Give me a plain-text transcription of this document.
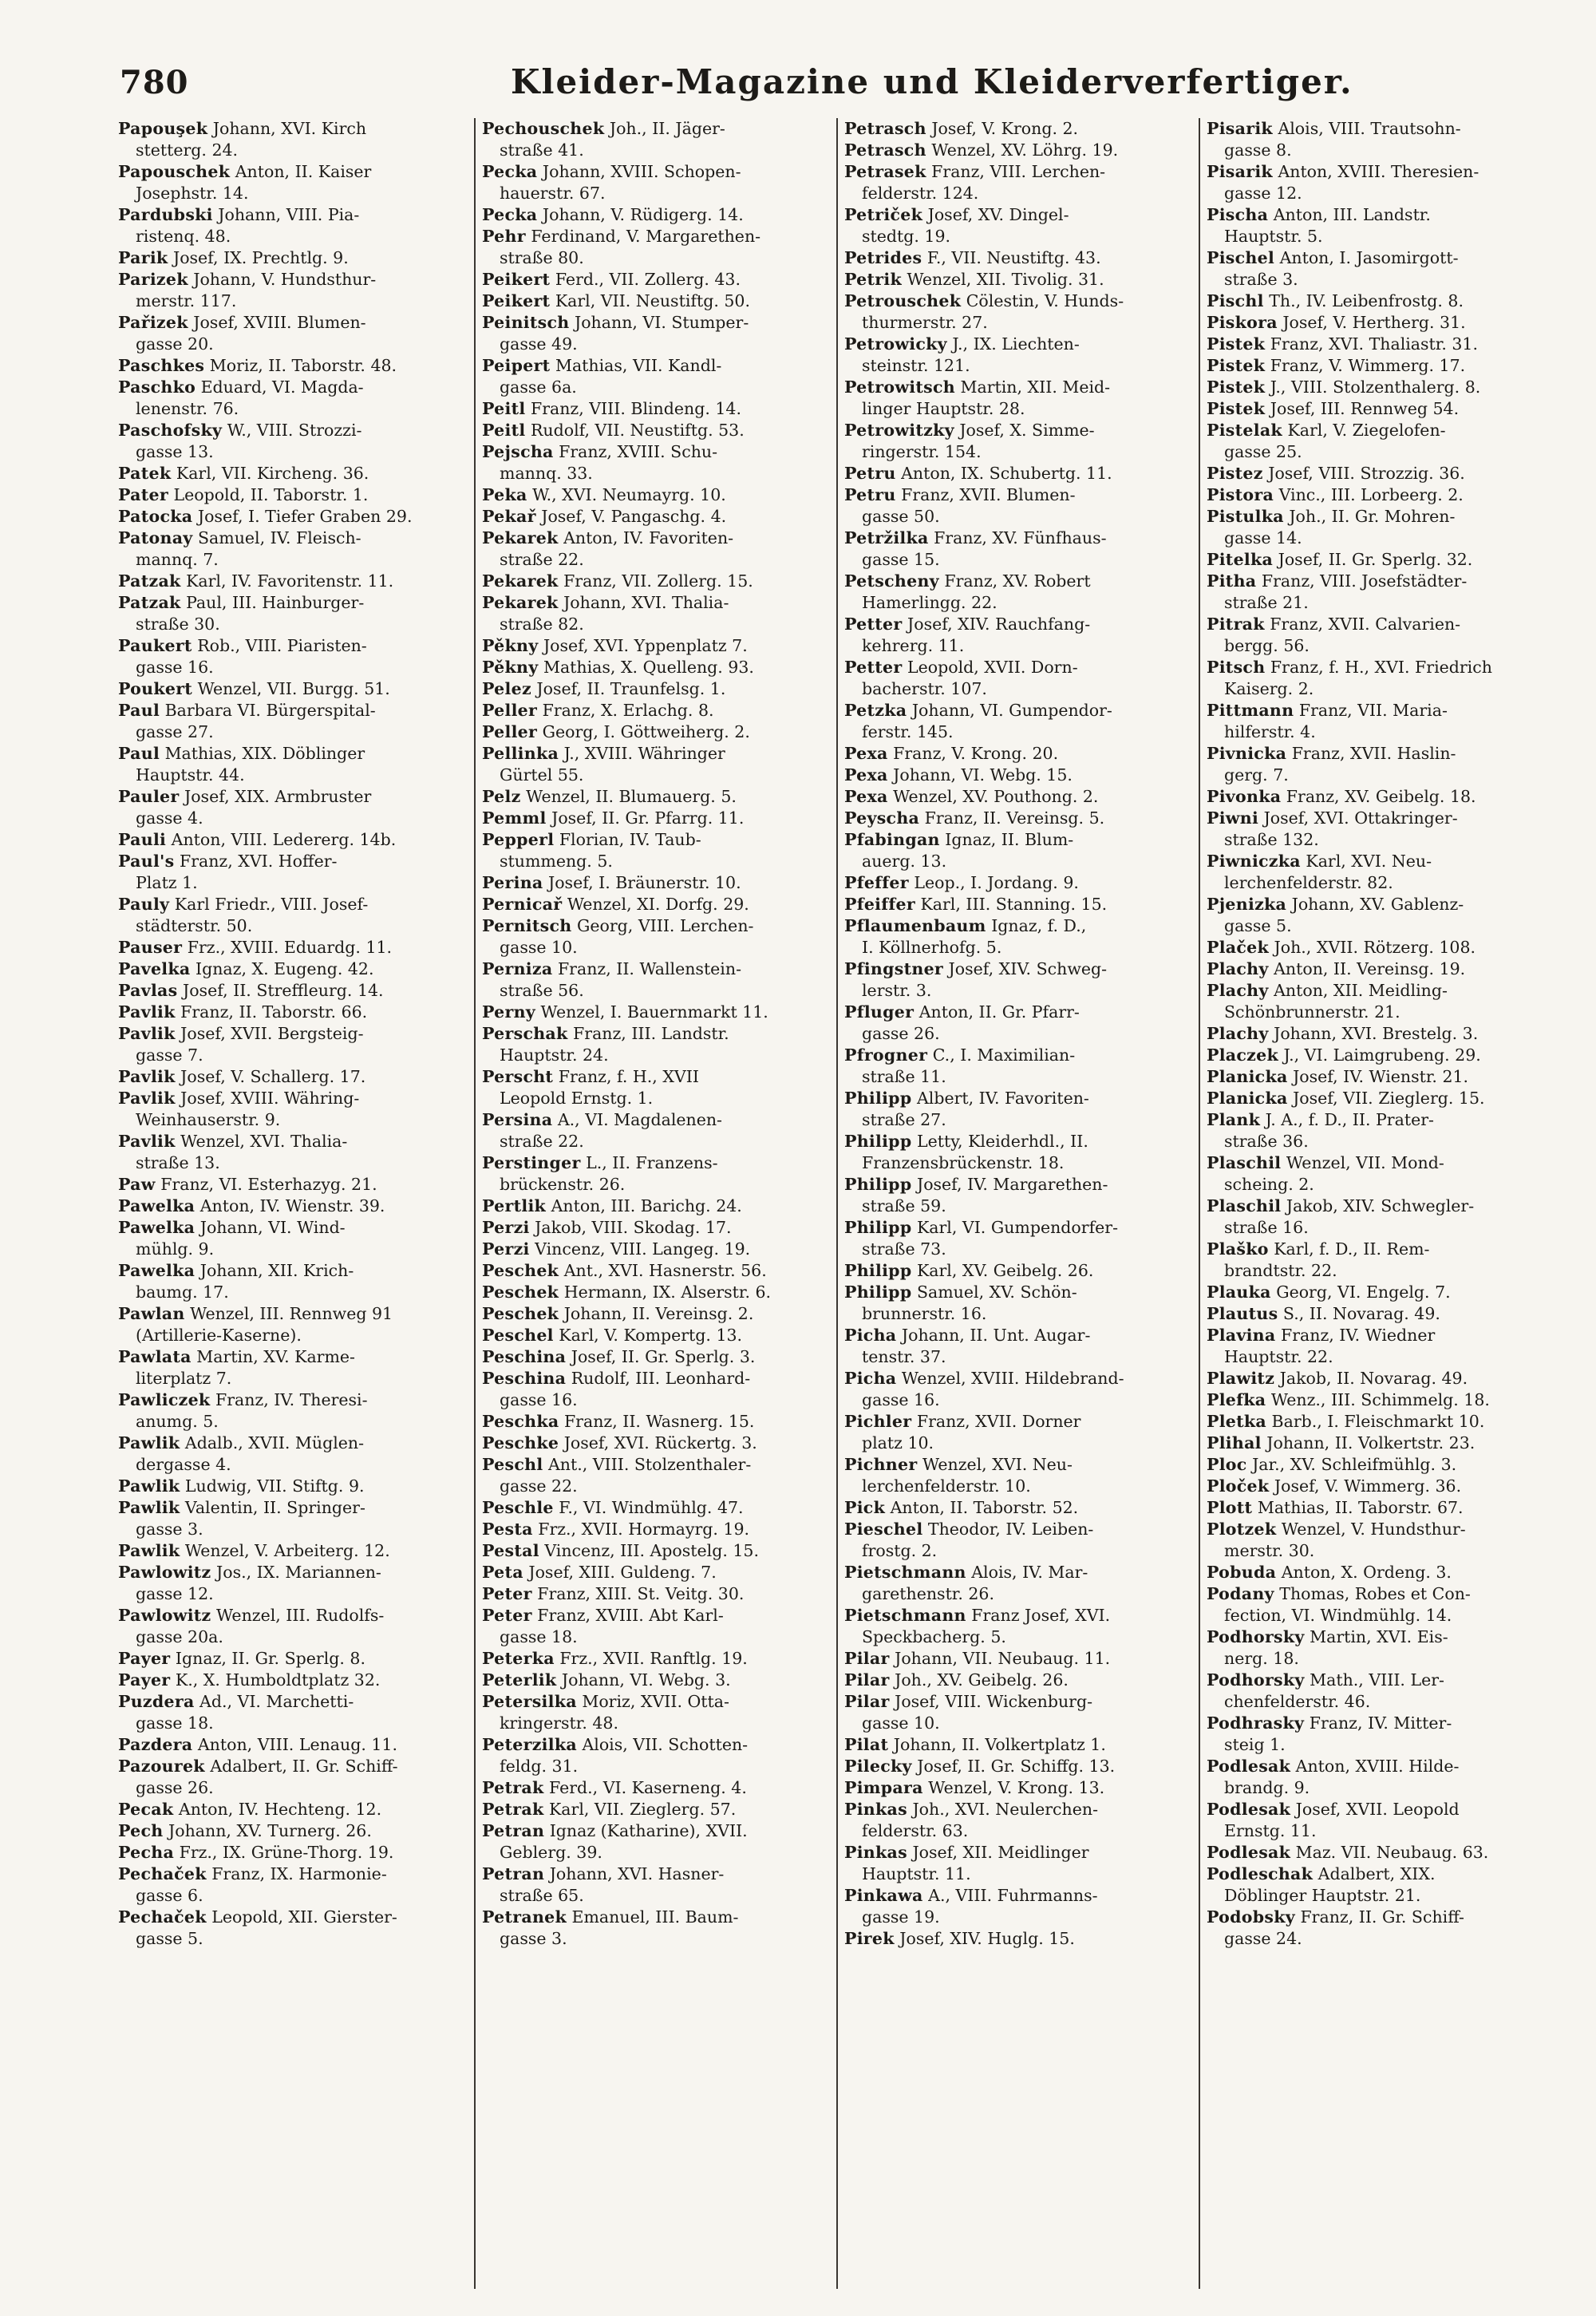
780	Kleider-Magazine und Kleiderverfertiger.
Papouşek Johann, XVI. Kirch
stetterg. 24.
Papouschek Anton, II. Kaiser
Josephstr. 14.
Pardubski Johann, VIII. Pia-
ristenq. 48.
Parik Josef, IX. Prechtlg. 9.
Parizek Johann, V. Hundsthur-
merstr. 117.
Pařizek Josef, XVIII. Blumen-
gasse 20.
Paschkes Moriz, II. Taborstr. 48.
Paschko Eduard, VI. Magda-
lenenstr. 76.
Paschofsky W., VIII. Strozzi-
gasse 13.
Patek Karl, VII. Kircheng. 36.
Pater Leopold, II. Taborstr. 1.
Patocka Josef, I. Tiefer Graben 29.
Patonay Samuel, IV. Fleisch-
mannq. 7.
Patzak Karl, IV. Favoritenstr. 11.
Patzak Paul, III. Hainburger-
straße 30.
Paukert Rob., VIII. Piaristen-
gasse 16.
Poukert Wenzel, VII. Burgg. 51.
Paul Barbara VI. Bürgerspital-
gasse 27.
Paul Mathias, XIX. Döblinger
Hauptstr. 44.
Pauler Josef, XIX. Armbruster
gasse 4.
Pauli Anton, VIII. Ledererg. 14b.
Paul's Franz, XVI. Hoffer-
Platz 1.
Pauly Karl Friedr., VIII. Josef-
städterstr. 50.
Pauser Frz., XVIII. Eduardg. 11.
Pavelka Ignaz, X. Eugeng. 42.
Pavlas Josef, II. Streffleurg. 14.
Pavlik Franz, II. Taborstr. 66.
Pavlik Josef, XVII. Bergsteig-
gasse 7.
Pavlik Josef, V. Schallerg. 17.
Pavlik Josef, XVIII. Währing-
Weinhauserstr. 9.
Pavlik Wenzel, XVI. Thalia-
straße 13.
Paw Franz, VI. Esterhazyg. 21.
Pawelka Anton, IV. Wienstr. 39.
Pawelka Johann, VI. Wind-
mühlg. 9.
Pawelka Johann, XII. Krich-
baumg. 17.
Pawlan Wenzel, III. Rennweg 91
(Artillerie-Kaserne).
Pawlata Martin, XV. Karme-
literplatz 7.
Pawliczek Franz, IV. Theresi-
anumg. 5.
Pawlik Adalb., XVII. Müglen-
dergasse 4.
Pawlik Ludwig, VII. Stiftg. 9.
Pawlik Valentin, II. Springer-
gasse 3.
Pawlik Wenzel, V. Arbeiterg. 12.
Pawlowitz Jos., IX. Mariannen-
gasse 12.
Pawlowitz Wenzel, III. Rudolfs-
gasse 20a.
Payer Ignaz, II. Gr. Sperlg. 8.
Payer K., X. Humboldtplatz 32.
Puzdera Ad., VI. Marchetti-
gasse 18.
Pazdera Anton, VIII. Lenaug. 11.
Pazourek Adalbert, II. Gr. Schiff-
gasse 26.
Pecak Anton, IV. Hechteng. 12.
Pech Johann, XV. Turnerg. 26.
Pecha Frz., IX. Grüne-Thorg. 19.
Pechaček Franz, IX. Harmonie-
gasse 6.
Pechaček Leopold, XII. Gierster-
gasse 5.
Pechouschek Joh., II. Jäger-
straße 41.
Pecka Johann, XVIII. Schopen-
hauerstr. 67.
Pecka Johann, V. Rüdigerg. 14.
Pehr Ferdinand, V. Margarethen-
straße 80.
Peikert Ferd., VII. Zollerg. 43.
Peikert Karl, VII. Neustiftg. 50.
Peinitsch Johann, VI. Stumper-
gasse 49.
Peipert Mathias, VII. Kandl-
gasse 6a.
Peitl Franz, VIII. Blindeng. 14.
Peitl Rudolf, VII. Neustiftg. 53.
Pejscha Franz, XVIII. Schu-
mannq. 33.
Peka W., XVI. Neumayrg. 10.
Pekař Josef, V. Pangaschg. 4.
Pekarek Anton, IV. Favoriten-
straße 22.
Pekarek Franz, VII. Zollerg. 15.
Pekarek Johann, XVI. Thalia-
straße 82.
Pěkny Josef, XVI. Yppenplatz 7.
Pěkny Mathias, X. Quelleng. 93.
Pelez Josef, II. Traunfelsg. 1.
Peller Franz, X. Erlachg. 8.
Peller Georg, I. Göttweiherg. 2.
Pellinka J., XVIII. Währinger
Gürtel 55.
Pelz Wenzel, II. Blumauerg. 5.
Pemml Josef, II. Gr. Pfarrg. 11.
Pepperl Florian, IV. Taub-
stummeng. 5.
Perina Josef, I. Bräunerstr. 10.
Pernicař Wenzel, XI. Dorfg. 29.
Pernitsch Georg, VIII. Lerchen-
gasse 10.
Perniza Franz, II. Wallenstein-
straße 56.
Perny Wenzel, I. Bauernmarkt 11.
Perschak Franz, III. Landstr.
Hauptstr. 24.
Perscht Franz, f. H., XVII
Leopold Ernstg. 1.
Persina A., VI. Magdalenen-
straße 22.
Perstinger L., II. Franzens-
brückenstr. 26.
Pertlik Anton, III. Barichg. 24.
Perzi Jakob, VIII. Skodag. 17.
Perzi Vincenz, VIII. Langeg. 19.
Peschek Ant., XVI. Hasnerstr. 56.
Peschek Hermann, IX. Alserstr. 6.
Peschek Johann, II. Vereinsg. 2.
Peschel Karl, V. Kompertg. 13.
Peschina Josef, II. Gr. Sperlg. 3.
Peschina Rudolf, III. Leonhard-
gasse 16.
Peschka Franz, II. Wasnerg. 15.
Peschke Josef, XVI. Rückertg. 3.
Peschl Ant., VIII. Stolzenthaler-
gasse 22.
Peschle F., VI. Windmühlg. 47.
Pesta Frz., XVII. Hormayrg. 19.
Pestal Vincenz, III. Apostelg. 15.
Peta Josef, XIII. Guldeng. 7.
Peter Franz, XIII. St. Veitg. 30.
Peter Franz, XVIII. Abt Karl-
gasse 18.
Peterka Frz., XVII. Ranftlg. 19.
Peterlik Johann, VI. Webg. 3.
Petersilka Moriz, XVII. Otta-
kringerstr. 48.
Peterzilka Alois, VII. Schotten-
feldg. 31.
Petrak Ferd., VI. Kaserneng. 4.
Petrak Karl, VII. Zieglerg. 57.
Petran Ignaz (Katharine), XVII.
Geblerg. 39.
Petran Johann, XVI. Hasner-
straße 65.
Petranek Emanuel, III. Baum-
gasse 3.
Petrasch Josef, V. Krong. 2.
Petrasch Wenzel, XV. Löhrg. 19.
Petrasek Franz, VIII. Lerchen-
felderstr. 124.
Petriček Josef, XV. Dingel-
stedtg. 19.
Petrides F., VII. Neustiftg. 43.
Petrik Wenzel, XII. Tivolig. 31.
Petrouschek Cölestin, V. Hunds-
thurmerstr. 27.
Petrowicky J., IX. Liechten-
steinstr. 121.
Petrowitsch Martin, XII. Meid-
linger Hauptstr. 28.
Petrowitzky Josef, X. Simme-
ringerstr. 154.
Petru Anton, IX. Schubertg. 11.
Petru Franz, XVII. Blumen-
gasse 50.
Petržilka Franz, XV. Fünfhaus-
gasse 15.
Petscheny Franz, XV. Robert
Hamerlingg. 22.
Petter Josef, XIV. Rauchfang-
kehrerg. 11.
Petter Leopold, XVII. Dorn-
bacherstr. 107.
Petzka Johann, VI. Gumpendor-
ferstr. 145.
Pexa Franz, V. Krong. 20.
Pexa Johann, VI. Webg. 15.
Pexa Wenzel, XV. Pouthong. 2.
Peyscha Franz, II. Vereinsg. 5.
Pfabingan Ignaz, II. Blum-
auerg. 13.
Pfeffer Leop., I. Jordang. 9.
Pfeiffer Karl, III. Stanning. 15.
Pflaumenbaum Ignaz, f. D.,
I. Köllnerhofg. 5.
Pfingstner Josef, XIV. Schweg-
lerstr. 3.
Pfluger Anton, II. Gr. Pfarr-
gasse 26.
Pfrogner C., I. Maximilian-
straße 11.
Philipp Albert, IV. Favoriten-
straße 27.
Philipp Letty, Kleiderhdl., II.
Franzensbrückenstr. 18.
Philipp Josef, IV. Margarethen-
straße 59.
Philipp Karl, VI. Gumpendorfer-
straße 73.
Philipp Karl, XV. Geibelg. 26.
Philipp Samuel, XV. Schön-
brunnerstr. 16.
Picha Johann, II. Unt. Augar-
tenstr. 37.
Picha Wenzel, XVIII. Hildebrand-
gasse 16.
Pichler Franz, XVII. Dorner
platz 10.
Pichner Wenzel, XVI. Neu-
lerchenfelderstr. 10.
Pick Anton, II. Taborstr. 52.
Pieschel Theodor, IV. Leiben-
frostg. 2.
Pietschmann Alois, IV. Mar-
garethenstr. 26.
Pietschmann Franz Josef, XVI.
Speckbacherg. 5.
Pilar Johann, VII. Neubaug. 11.
Pilar Joh., XV. Geibelg. 26.
Pilar Josef, VIII. Wickenburg-
gasse 10.
Pilat Johann, II. Volkertplatz 1.
Pilecky Josef, II. Gr. Schiffg. 13.
Pimpara Wenzel, V. Krong. 13.
Pinkas Joh., XVI. Neulerchen-
felderstr. 63.
Pinkas Josef, XII. Meidlinger
Hauptstr. 11.
Pinkawa A., VIII. Fuhrmanns-
gasse 19.
Pirek Josef, XIV. Huglg. 15.
Pisarik Alois, VIII. Trautsohn-
gasse 8.
Pisarik Anton, XVIII. Theresien-
gasse 12.
Pischa Anton, III. Landstr.
Hauptstr. 5.
Pischel Anton, I. Jasomirgott-
straße 3.
Pischl Th., IV. Leibenfrostg. 8.
Piskora Josef, V. Hertherg. 31.
Pistek Franz, XVI. Thaliastr. 31.
Pistek Franz, V. Wimmerg. 17.
Pistek J., VIII. Stolzenthalerg. 8.
Pistek Josef, III. Rennweg 54.
Pistelak Karl, V. Ziegelofen-
gasse 25.
Pistez Josef, VIII. Strozzig. 36.
Pistora Vinc., III. Lorbeerg. 2.
Pistulka Joh., II. Gr. Mohren-
gasse 14.
Pitelka Josef, II. Gr. Sperlg. 32.
Pitha Franz, VIII. Josefstädter-
straße 21.
Pitrak Franz, XVII. Calvarien-
bergg. 56.
Pitsch Franz, f. H., XVI. Friedrich
Kaiserg. 2.
Pittmann Franz, VII. Maria-
hilferstr. 4.
Pivnicka Franz, XVII. Haslin-
gerg. 7.
Pivonka Franz, XV. Geibelg. 18.
Piwni Josef, XVI. Ottakringer-
straße 132.
Piwniczka Karl, XVI. Neu-
lerchenfelderstr. 82.
Pjenizka Johann, XV. Gablenz-
gasse 5.
Plaček Joh., XVII. Rötzerg. 108.
Plachy Anton, II. Vereinsg. 19.
Plachy Anton, XII. Meidling-
Schönbrunnerstr. 21.
Plachy Johann, XVI. Brestelg. 3.
Placzek J., VI. Laimgrubeng. 29.
Planicka Josef, IV. Wienstr. 21.
Planicka Josef, VII. Zieglerg. 15.
Plank J. A., f. D., II. Prater-
straße 36.
Plaschil Wenzel, VII. Mond-
scheing. 2.
Plaschil Jakob, XIV. Schwegler-
straße 16.
Plaško Karl, f. D., II. Rem-
brandtstr. 22.
Plauka Georg, VI. Engelg. 7.
Plautus S., II. Novarag. 49.
Plavina Franz, IV. Wiedner
Hauptstr. 22.
Plawitz Jakob, II. Novarag. 49.
Plefka Wenz., III. Schimmelg. 18.
Pletka Barb., I. Fleischmarkt 10.
Plihal Johann, II. Volkertstr. 23.
Ploc Jar., XV. Schleifmühlg. 3.
Ploček Josef, V. Wimmerg. 36.
Plott Mathias, II. Taborstr. 67.
Plotzek Wenzel, V. Hundsthur-
merstr. 30.
Pobuda Anton, X. Ordeng. 3.
Podany Thomas, Robes et Con-
fection, VI. Windmühlg. 14.
Podhorsky Martin, XVI. Eis-
nerg. 18.
Podhorsky Math., VIII. Ler-
chenfelderstr. 46.
Podhrasky Franz, IV. Mitter-
steig 1.
Podlesak Anton, XVIII. Hilde-
brandg. 9.
Podlesak Josef, XVII. Leopold
Ernstg. 11.
Podlesak Maz. VII. Neubaug. 63.
Podleschak Adalbert, XIX.
Döblinger Hauptstr. 21.
Podobsky Franz, II. Gr. Schiff-
gasse 24.
